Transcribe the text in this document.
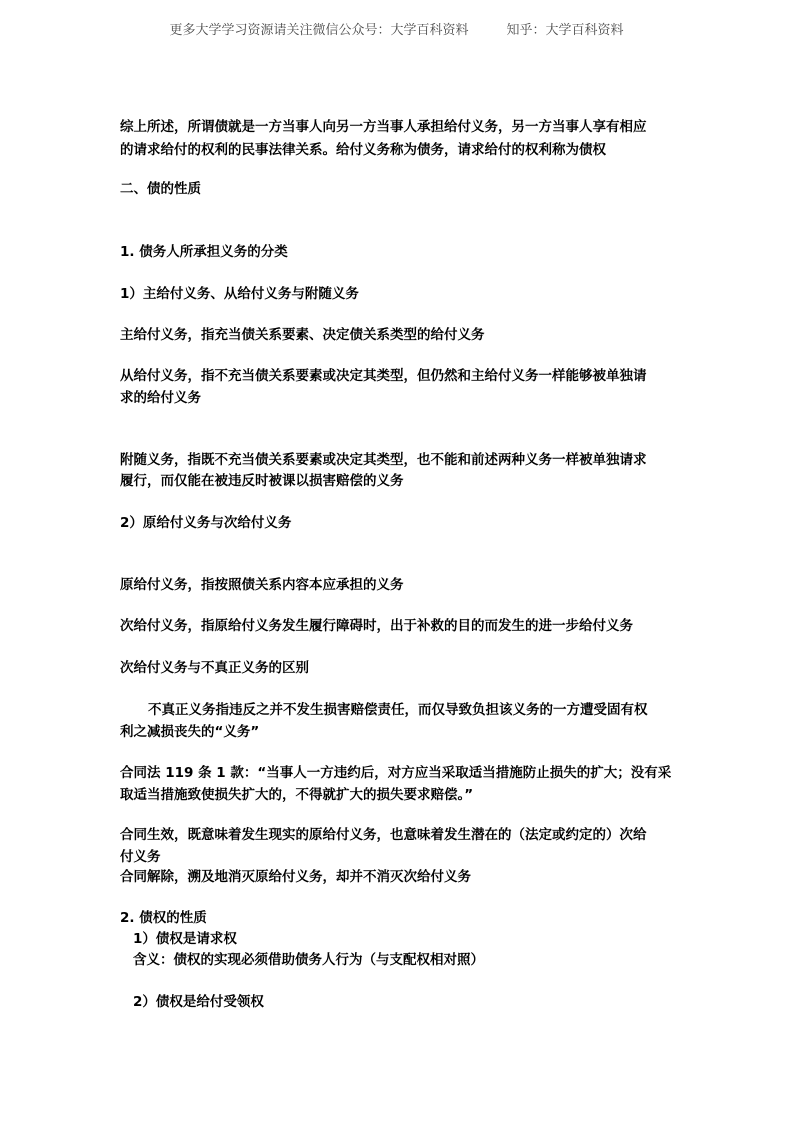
更多大学学习资源请关注微信公众号：大学百科资料	知乎：大学百科资料
综上所述，所谓债就是一方当事人向另一方当事人承担给付义务，另一方当事人享有相应
的请求给付的权利的民事法律关系。给付义务称为债务，请求给付的权利称为债权
二、债的性质
1. 债务人所承担义务的分类
1）主给付义务、从给付义务与附随义务
主给付义务，指充当债关系要素、决定债关系类型的给付义务
从给付义务，指不充当债关系要素或决定其类型，但仍然和主给付义务一样能够被单独请
求的给付义务
附随义务，指既不充当债关系要素或决定其类型，也不能和前述两种义务一样被单独请求
履行，而仅能在被违反时被课以损害赔偿的义务
2）原给付义务与次给付义务
原给付义务，指按照债关系内容本应承担的义务
次给付义务，指原给付义务发生履行障碍时，出于补救的目的而发生的进一步给付义务
次给付义务与不真正义务的区别
不真正义务指违反之并不发生损害赔偿责任，而仅导致负担该义务的一方遭受固有权
利之减损丧失的“义务”
合同法 119 条 1 款：“当事人一方违约后，对方应当采取适当措施防止损失的扩大；没有采
取适当措施致使损失扩大的，不得就扩大的损失要求赔偿。”
合同生效，既意味着发生现实的原给付义务，也意味着发生潜在的（法定或约定的）次给
付义务
合同解除，溯及地消灭原给付义务，却并不消灭次给付义务
2. 债权的性质
1）债权是请求权
含义：债权的实现必须借助债务人行为（与支配权相对照）
2）债权是给付受领权
